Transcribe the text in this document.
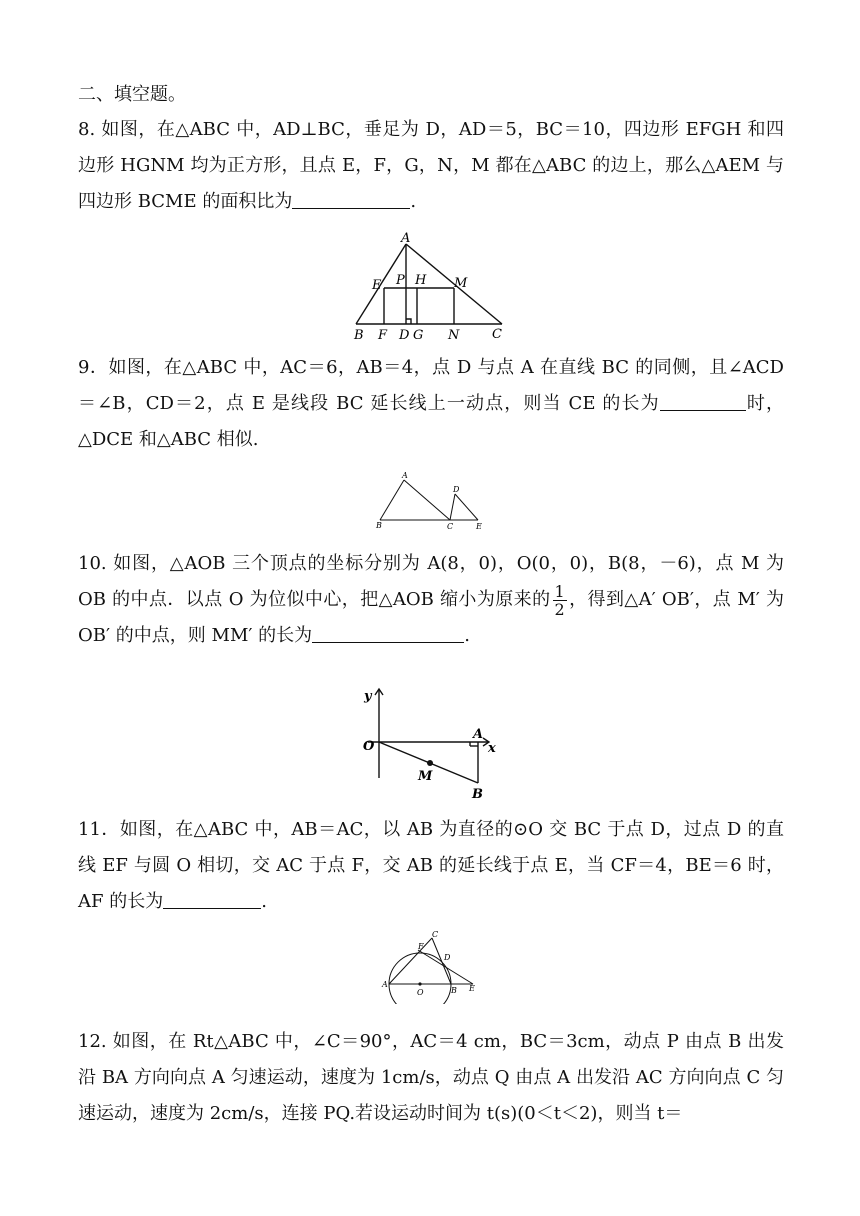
二、填空题。
8. 如图，在△ABC 中，AD⊥BC，垂足为 D，AD＝5，BC＝10，四边形 EFGH 和四边形 HGNM 均为正方形，且点 E，F，G，N，M 都在△ABC 的边上，那么△AEM 与四边形 BCME 的面积比为	.
A
E P H M
B F D G N	C
9．如图，在△ABC 中，AC＝6，AB＝4，点 D 与点 A 在直线 BC 的同侧，且∠ACD＝∠B，CD＝2，点 E 是线段 BC 延长线上一动点，则当 CE 的长为	时，△DCE 和△ABC 相似.
A
B	C
D
E
10. 如图，△AOB 三个顶点的坐标分别为 A(8，0)，O(0，0)，B(8，－6)，点 M 为 OB 的中点．以点 O 为位似中心，把△AOB 缩小为原来的 $\frac{1}{2}$ ，得到△A′ OB′，点 M′ 为 OB′ 的中点，则 MM′ 的长为	.
y
x
O
A
M
B
11．如图，在△ABC 中，AB＝AC，以 AB 为直径的⊙O 交 BC 于点 D，过点 D 的直线 EF 与圆 O 相切，交 AC 于点 F，交 AB 的延长线于点 E，当 CF＝4，BE＝6 时，AF 的长为	.
C
F
D
A
O	B E
12. 如图，在 Rt△ABC 中，∠C＝90°，AC＝4 cm，BC＝3cm，动点 P 由点 B 出发沿 BA 方向向点 A 匀速运动，速度为 1cm/s，动点 Q 由点 A 出发沿 AC 方向向点 C 匀速运动，速度为 2cm/s，连接 PQ.若设运动时间为 t(s)(0＜t＜2)，则当 t＝
